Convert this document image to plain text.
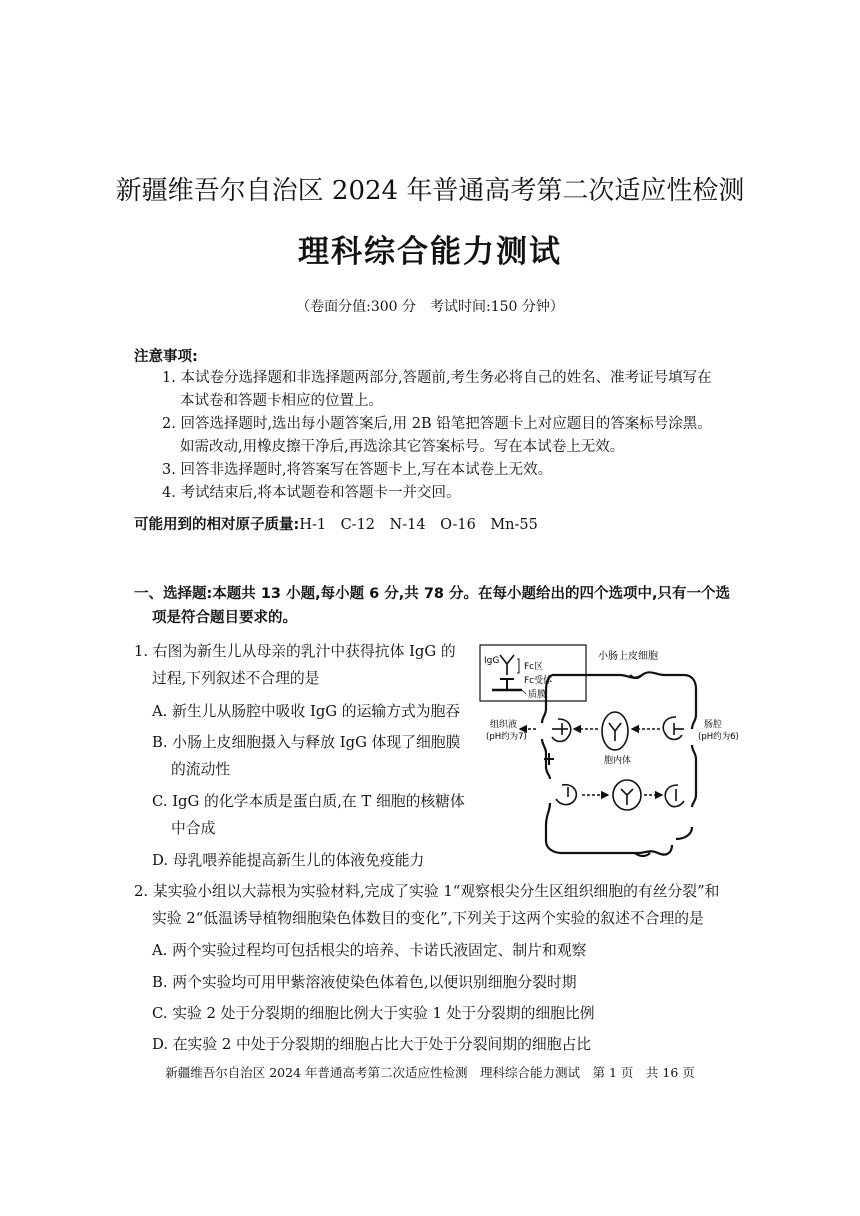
新疆维吾尔自治区 2024 年普通高考第二次适应性检测
理科综合能力测试
（卷面分值:300 分　考试时间:150 分钟）
注意事项:
1. 本试卷分选择题和非选择题两部分,答题前,考生务必将自己的姓名、准考证号填写在
本试卷和答题卡相应的位置上。
2. 回答选择题时,选出每小题答案后,用 2B 铅笔把答题卡上对应题目的答案标号涂黑。
如需改动,用橡皮擦干净后,再选涂其它答案标号。写在本试卷上无效。
3. 回答非选择题时,将答案写在答题卡上,写在本试卷上无效。
4. 考试结束后,将本试题卷和答题卡一并交回。
可能用到的相对原子质量:H-1　C-12　N-14　O-16　Mn-55
一、选择题:本题共 13 小题,每小题 6 分,共 78 分。在每小题给出的四个选项中,只有一个选
项是符合题目要求的。
1. 右图为新生儿从母亲的乳汁中获得抗体 IgG 的
过程,下列叙述不合理的是
A. 新生儿从肠腔中吸收 IgG 的运输方式为胞吞
B. 小肠上皮细胞摄入与释放 IgG 体现了细胞膜
的流动性
C. IgG 的化学本质是蛋白质,在 T 细胞的核糖体
中合成
D. 母乳喂养能提高新生儿的体液免疫能力
IgG
Fc区
Fc受体
质膜
小肠上皮细胞
组织液
(pH约为7)
肠腔
(pH约为6)
胞内体
2. 某实验小组以大蒜根为实验材料,完成了实验 1“观察根尖分生区组织细胞的有丝分裂”和
实验 2“低温诱导植物细胞染色体数目的变化”,下列关于这两个实验的叙述不合理的是
A. 两个实验过程均可包括根尖的培养、卡诺氏液固定、制片和观察
B. 两个实验均可用甲紫溶液使染色体着色,以便识别细胞分裂时期
C. 实验 2 处于分裂期的细胞比例大于实验 1 处于分裂期的细胞比例
D. 在实验 2 中处于分裂期的细胞占比大于处于分裂间期的细胞占比
新疆维吾尔自治区 2024 年普通高考第二次适应性检测　理科综合能力测试　第 1 页　共 16 页
